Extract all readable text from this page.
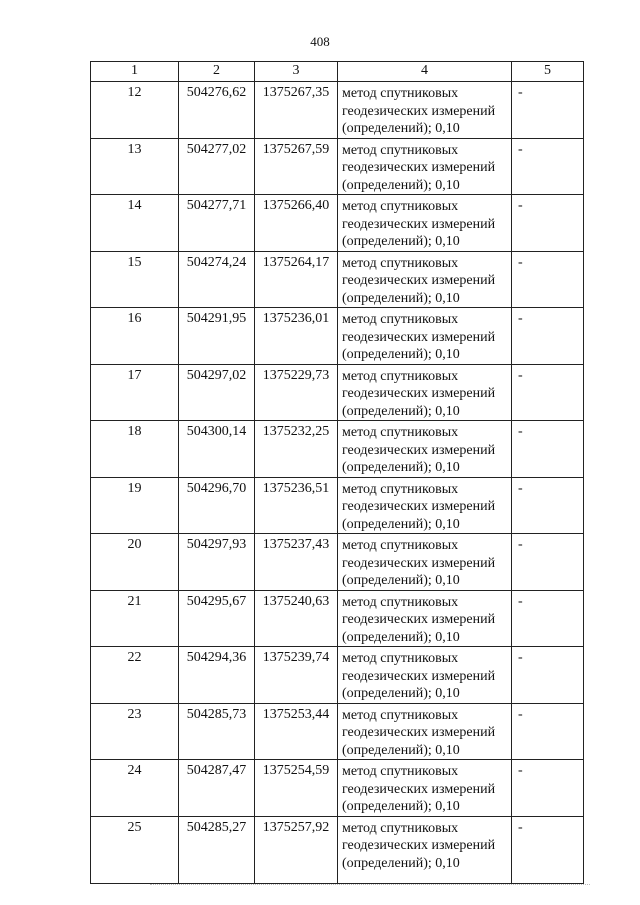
408
1	2	3	4	5
12	504276,62	1375267,35	метод спутниковых геодезических измерений (определений); 0,10	-
13	504277,02	1375267,59	метод спутниковых геодезических измерений (определений); 0,10	-
14	504277,71	1375266,40	метод спутниковых геодезических измерений (определений); 0,10	-
15	504274,24	1375264,17	метод спутниковых геодезических измерений (определений); 0,10	-
16	504291,95	1375236,01	метод спутниковых геодезических измерений (определений); 0,10	-
17	504297,02	1375229,73	метод спутниковых геодезических измерений (определений); 0,10	-
18	504300,14	1375232,25	метод спутниковых геодезических измерений (определений); 0,10	-
19	504296,70	1375236,51	метод спутниковых геодезических измерений (определений); 0,10	-
20	504297,93	1375237,43	метод спутниковых геодезических измерений (определений); 0,10	-
21	504295,67	1375240,63	метод спутниковых геодезических измерений (определений); 0,10	-
22	504294,36	1375239,74	метод спутниковых геодезических измерений (определений); 0,10	-
23	504285,73	1375253,44	метод спутниковых геодезических измерений (определений); 0,10	-
24	504287,47	1375254,59	метод спутниковых геодезических измерений (определений); 0,10	-
25	504285,27	1375257,92	метод спутниковых геодезических измерений (определений); 0,10	-
